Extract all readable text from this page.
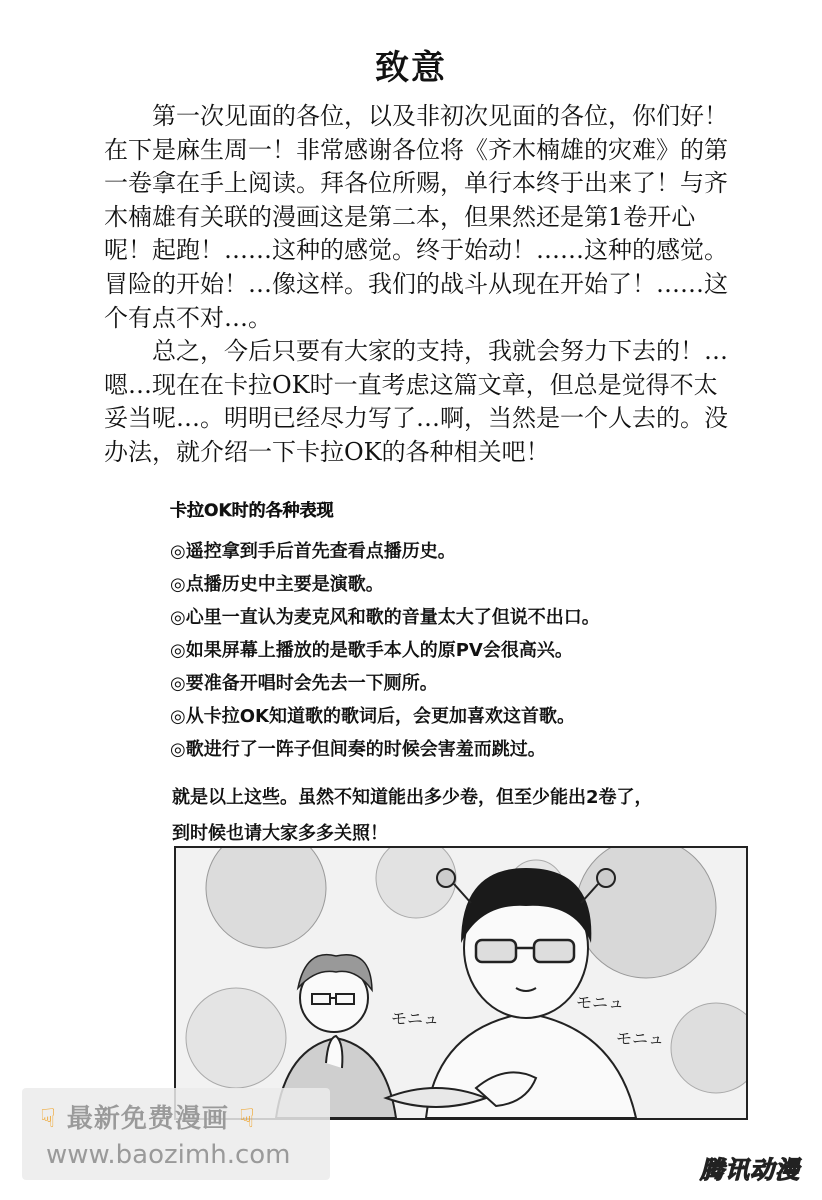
致意

第一次见面的各位，以及非初次见面的各位，你们好！在下是麻生周一！非常感谢各位将《齐木楠雄的灾难》的第一卷拿在手上阅读。拜各位所赐，单行本终于出来了！与齐木楠雄有关联的漫画这是第二本，但果然还是第1卷开心呢！起跑！……这种的感觉。终于始动！……这种的感觉。冒险的开始！…像这样。我们的战斗从现在开始了！……这个有点不对…。

总之，今后只要有大家的支持，我就会努力下去的！…嗯…现在在卡拉OK时一直考虑这篇文章，但总是觉得不太妥当呢…。明明已经尽力写了…啊，当然是一个人去的。没办法，就介绍一下卡拉OK的各种相关吧！

卡拉OK时的各种表现

◎遥控拿到手后首先查看点播历史。

◎点播历史中主要是演歌。

◎心里一直认为麦克风和歌的音量太大了但说不出口。

◎如果屏幕上播放的是歌手本人的原PV会很高兴。

◎要准备开唱时会先去一下厕所。

◎从卡拉OK知道歌的歌词后，会更加喜欢这首歌。

◎歌进行了一阵子但间奏的时候会害羞而跳过。

就是以上这些。虽然不知道能出多少卷，但至少能出2卷了，

到时候也请大家多多关照！

モニュ
モニュ
モニュ
☟ 最新免费漫画 ☟
www.baozimh.com	腾讯动漫
